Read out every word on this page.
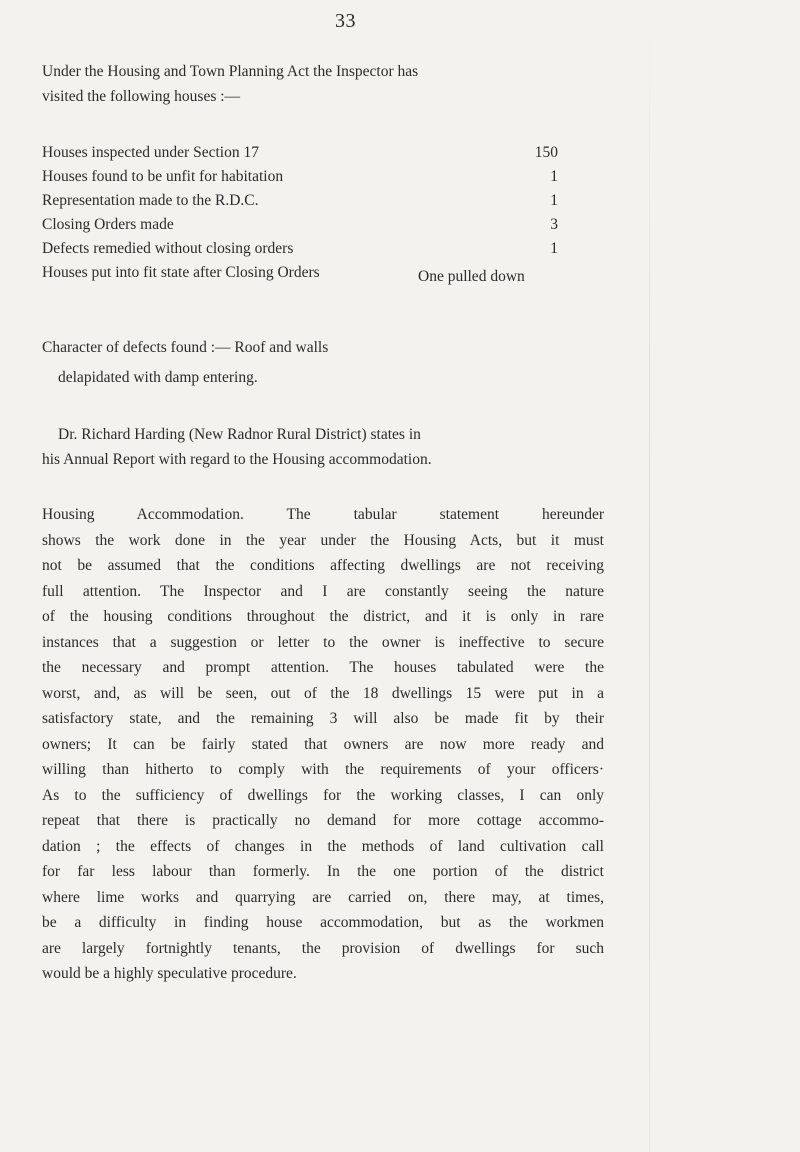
33
Under the Housing and Town Planning Act the Inspector has
visited the following houses :—
Houses inspected under Section 17	150
Houses found to be unfit for habitation	1
Representation made to the R.D.C.	1
Closing Orders made	3
Defects remedied without closing orders	1
Houses put into fit state after Closing Orders	One pulled down
Character of defects found :— Roof and walls
delapidated with damp entering.
Dr. Richard Harding (New Radnor Rural District) states in
his Annual Report with regard to the Housing accommodation.
Housing Accommodation. The tabular statement hereunder
shows the work done in the year under the Housing Acts, but it must
not be assumed that the conditions affecting dwellings are not receiving
full attention. The Inspector and I are constantly seeing the nature
of the housing conditions throughout the district, and it is only in rare
instances that a suggestion or letter to the owner is ineffective to secure
the necessary and prompt attention. The houses tabulated were the
worst, and, as will be seen, out of the 18 dwellings 15 were put in a
satisfactory state, and the remaining 3 will also be made fit by their
owners; It can be fairly stated that owners are now more ready and
willing than hitherto to comply with the requirements of your officers·
As to the sufficiency of dwellings for the working classes, I can only
repeat that there is practically no demand for more cottage accommo-
dation ; the effects of changes in the methods of land cultivation call
for far less labour than formerly. In the one portion of the district
where lime works and quarrying are carried on, there may, at times,
be a difficulty in finding house accommodation, but as the workmen
are largely fortnightly tenants, the provision of dwellings for such
would be a highly speculative procedure.
